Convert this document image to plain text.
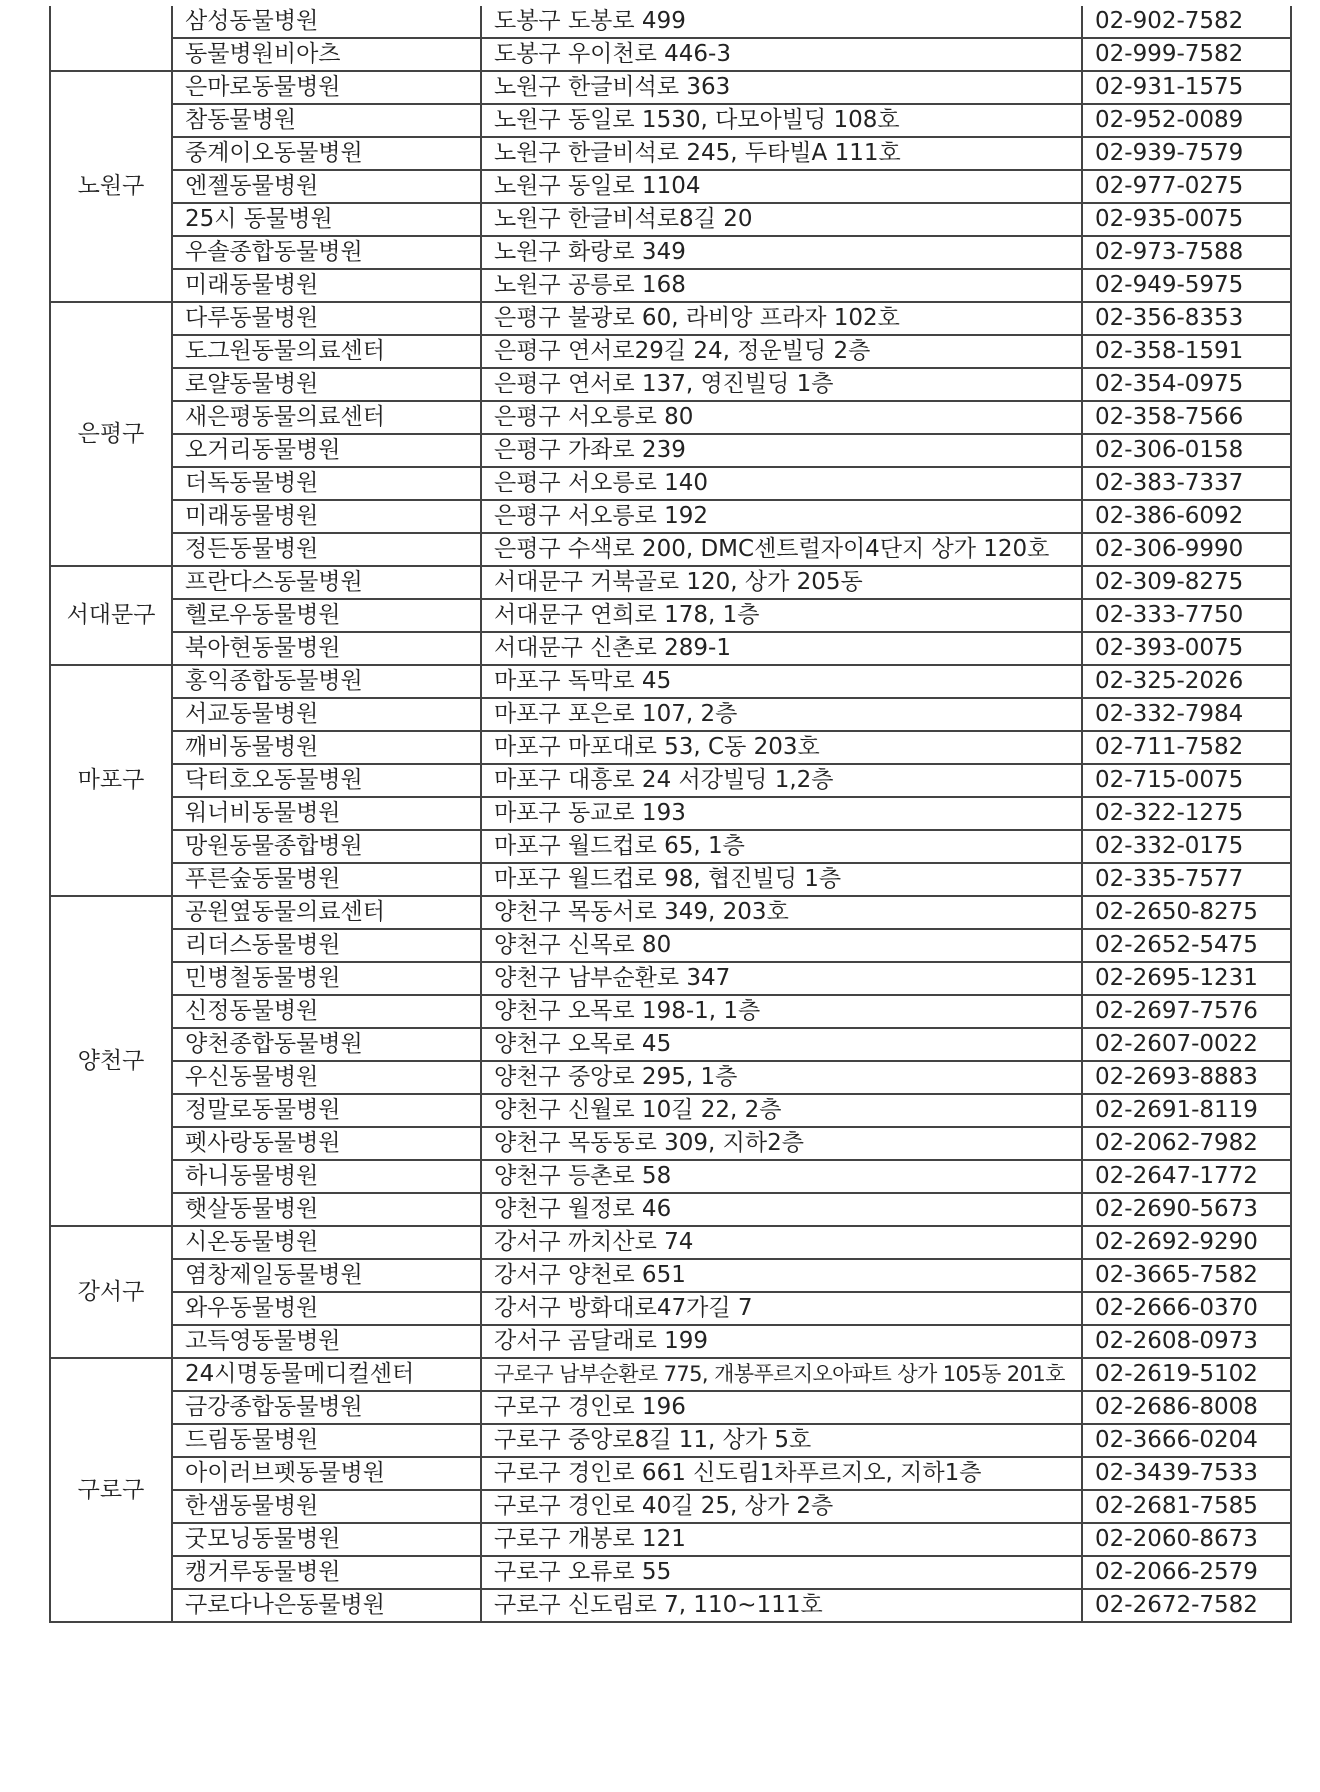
	삼성동물병원	도봉구 도봉로 499	02-902-7582
	동물병원비아츠	도봉구 우이천로 446-3	02-999-7582
노원구	은마로동물병원	노원구 한글비석로 363	02-931-1575
	참동물병원	노원구 동일로 1530, 다모아빌딩 108호	02-952-0089
	중계이오동물병원	노원구 한글비석로 245, 두타빌A 111호	02-939-7579
	엔젤동물병원	노원구 동일로 1104	02-977-0275
	25시 동물병원	노원구 한글비석로8길 20	02-935-0075
	우솔종합동물병원	노원구 화랑로 349	02-973-7588
	미래동물병원	노원구 공릉로 168	02-949-5975
은평구	다루동물병원	은평구 불광로 60, 라비앙 프라자 102호	02-356-8353
	도그원동물의료센터	은평구 연서로29길 24, 정운빌딩 2층	02-358-1591
	로얄동물병원	은평구 연서로 137, 영진빌딩 1층	02-354-0975
	새은평동물의료센터	은평구 서오릉로 80	02-358-7566
	오거리동물병원	은평구 가좌로 239	02-306-0158
	더독동물병원	은평구 서오릉로 140	02-383-7337
	미래동물병원	은평구 서오릉로 192	02-386-6092
	정든동물병원	은평구 수색로 200, DMC센트럴자이4단지 상가 120호	02-306-9990
서대문구	프란다스동물병원	서대문구 거북골로 120, 상가 205동	02-309-8275
	헬로우동물병원	서대문구 연희로 178, 1층	02-333-7750
	북아현동물병원	서대문구 신촌로 289-1	02-393-0075
마포구	홍익종합동물병원	마포구 독막로 45	02-325-2026
	서교동물병원	마포구 포은로 107, 2층	02-332-7984
	깨비동물병원	마포구 마포대로 53, C동 203호	02-711-7582
	닥터호오동물병원	마포구 대흥로 24 서강빌딩 1,2층	02-715-0075
	워너비동물병원	마포구 동교로 193	02-322-1275
	망원동물종합병원	마포구 월드컵로 65, 1층	02-332-0175
	푸른숲동물병원	마포구 월드컵로 98, 협진빌딩 1층	02-335-7577
양천구	공원옆동물의료센터	양천구 목동서로 349, 203호	02-2650-8275
	리더스동물병원	양천구 신목로 80	02-2652-5475
	민병철동물병원	양천구 남부순환로 347	02-2695-1231
	신정동물병원	양천구 오목로 198-1, 1층	02-2697-7576
	양천종합동물병원	양천구 오목로 45	02-2607-0022
	우신동물병원	양천구 중앙로 295, 1층	02-2693-8883
	정말로동물병원	양천구 신월로 10길 22, 2층	02-2691-8119
	펫사랑동물병원	양천구 목동동로 309, 지하2층	02-2062-7982
	하니동물병원	양천구 등촌로 58	02-2647-1772
	햇살동물병원	양천구 월정로 46	02-2690-5673
강서구	시온동물병원	강서구 까치산로 74	02-2692-9290
	염창제일동물병원	강서구 양천로 651	02-3665-7582
	와우동물병원	강서구 방화대로47가길 7	02-2666-0370
	고득영동물병원	강서구 곰달래로 199	02-2608-0973
구로구	24시명동물메디컬센터	구로구 남부순환로 775, 개봉푸르지오아파트 상가 105동 201호	02-2619-5102
	금강종합동물병원	구로구 경인로 196	02-2686-8008
	드림동물병원	구로구 중앙로8길 11, 상가 5호	02-3666-0204
	아이러브펫동물병원	구로구 경인로 661 신도림1차푸르지오, 지하1층	02-3439-7533
	한샘동물병원	구로구 경인로 40길 25, 상가 2층	02-2681-7585
	굿모닝동물병원	구로구 개봉로 121	02-2060-8673
	캥거루동물병원	구로구 오류로 55	02-2066-2579
	구로다나은동물병원	구로구 신도림로 7, 110~111호	02-2672-7582
